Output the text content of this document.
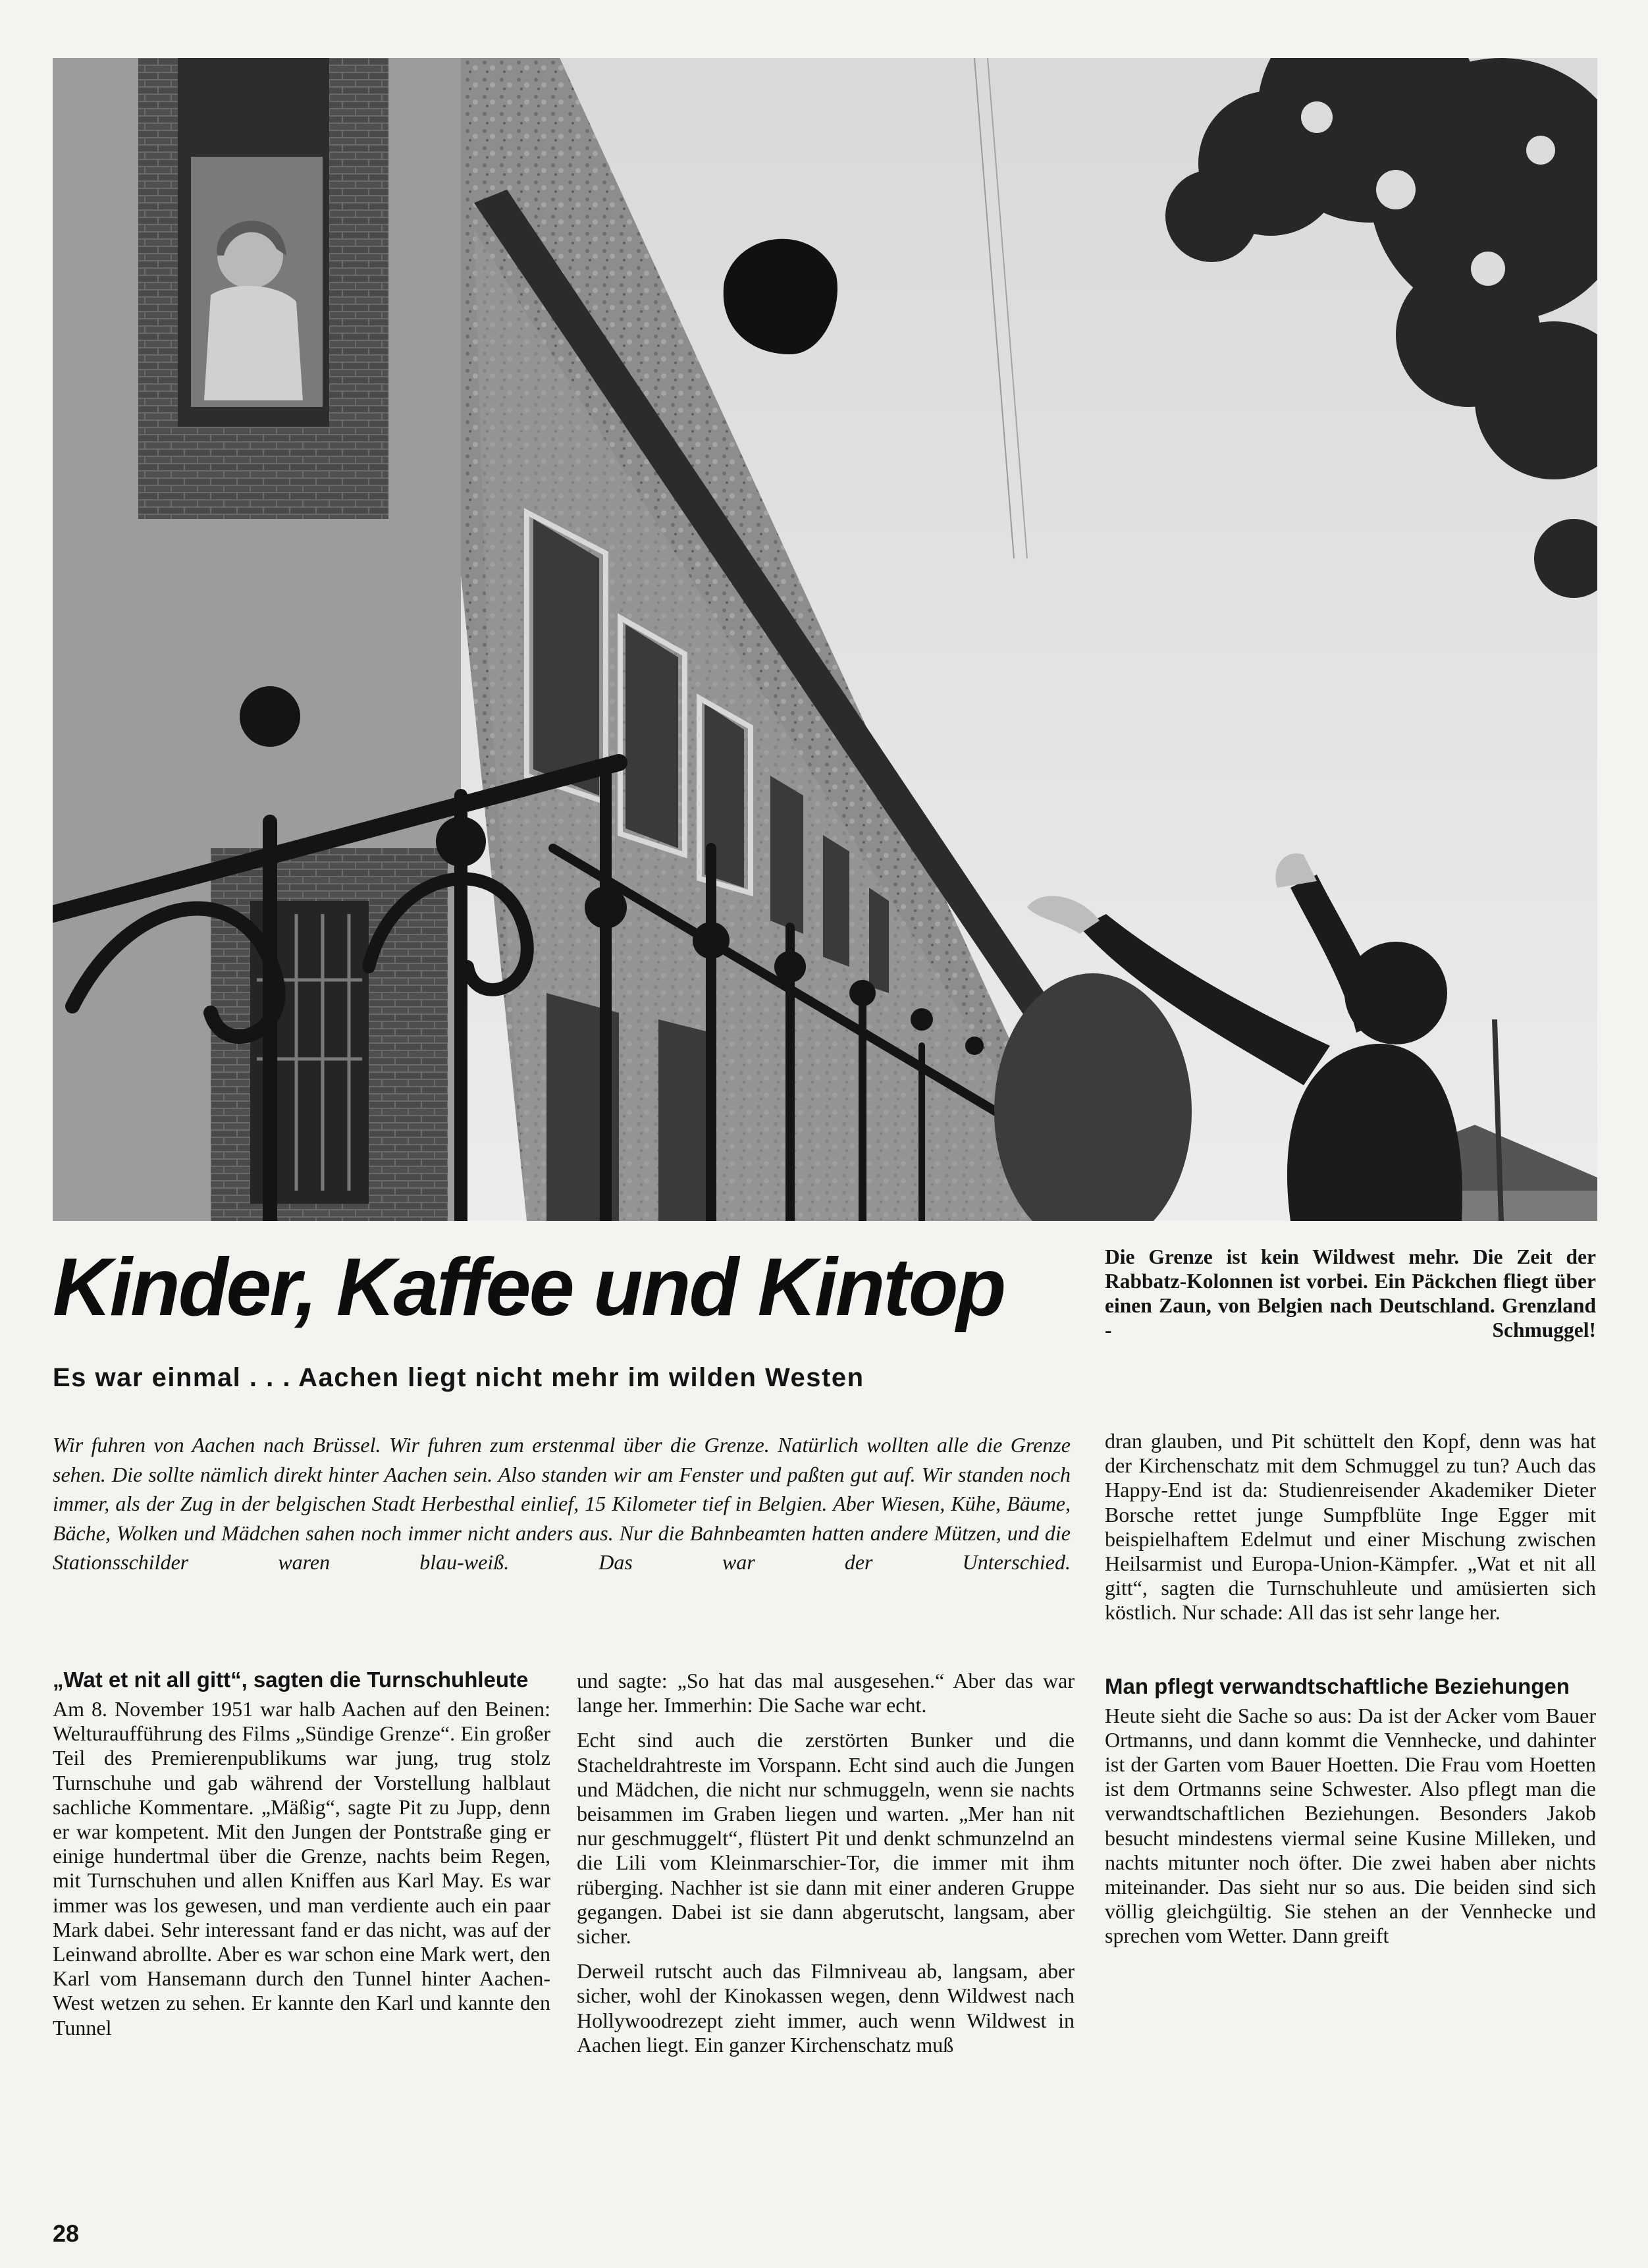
Kinder, Kaffee und Kintop	Die Grenze ist kein Wildwest mehr. Die Zeit der Rabbatz-Kolonnen ist vorbei. Ein Päckchen fliegt über einen Zaun, von Belgien nach Deutschland. Grenzland - Schmuggel!

Es war einmal . . . Aachen liegt nicht mehr im wilden Westen

Wir fuhren von Aachen nach Brüssel. Wir fuhren zum erstenmal über die Grenze. Natürlich wollten alle die Grenze sehen. Die sollte nämlich direkt hinter Aachen sein. Also standen wir am Fenster und paßten gut auf. Wir standen noch immer, als der Zug in der belgischen Stadt Herbesthal einlief, 15 Kilometer tief in Belgien. Aber Wiesen, Kühe, Bäume, Bäche, Wolken und Mädchen sahen noch immer nicht anders aus. Nur die Bahnbeamten hatten andere Mützen, und die Stationsschilder waren blau-weiß. Das war der Unterschied.

„Wat et nit all gitt“, sagten die Turnschuhleute

Am 8. November 1951 war halb Aachen auf den Beinen: Welturaufführung des Films „Sündige Grenze“. Ein großer Teil des Premierenpublikums war jung, trug stolz Turnschuhe und gab während der Vorstellung halblaut sachliche Kommentare. „Mäßig“, sagte Pit zu Jupp, denn er war kompetent. Mit den Jungen der Pontstraße ging er einige hundertmal über die Grenze, nachts beim Regen, mit Turnschuhen und allen Kniffen aus Karl May. Es war immer was los gewesen, und man verdiente auch ein paar Mark dabei. Sehr interessant fand er das nicht, was auf der Leinwand abrollte. Aber es war schon eine Mark wert, den Karl vom Hansemann durch den Tunnel hinter Aachen-West wetzen zu sehen. Er kannte den Karl und kannte den Tunnel

und sagte: „So hat das mal ausgesehen.“ Aber das war lange her. Immerhin: Die Sache war echt.

Echt sind auch die zerstörten Bunker und die Stacheldrahtreste im Vorspann. Echt sind auch die Jungen und Mädchen, die nicht nur schmuggeln, wenn sie nachts beisammen im Graben liegen und warten. „Mer han nit nur geschmuggelt“, flüstert Pit und denkt schmunzelnd an die Lili vom Kleinmarschier-Tor, die immer mit ihm rüberging. Nachher ist sie dann mit einer anderen Gruppe gegangen. Dabei ist sie dann abgerutscht, langsam, aber sicher.

Derweil rutscht auch das Filmniveau ab, langsam, aber sicher, wohl der Kinokassen wegen, denn Wildwest nach Hollywoodrezept zieht immer, auch wenn Wildwest in Aachen liegt. Ein ganzer Kirchenschatz muß

dran glauben, und Pit schüttelt den Kopf, denn was hat der Kirchenschatz mit dem Schmuggel zu tun? Auch das Happy-End ist da: Studienreisender Akademiker Dieter Borsche rettet junge Sumpfblüte Inge Egger mit beispielhaftem Edelmut und einer Mischung zwischen Heilsarmist und Europa-Union-Kämpfer. „Wat et nit all gitt“, sagten die Turnschuhleute und amüsierten sich köstlich. Nur schade: All das ist sehr lange her.

Man pflegt verwandtschaftliche Beziehungen

Heute sieht die Sache so aus: Da ist der Acker vom Bauer Ortmanns, und dann kommt die Vennhecke, und dahinter ist der Garten vom Bauer Hoetten. Die Frau vom Hoetten ist dem Ortmanns seine Schwester. Also pflegt man die verwandtschaftlichen Beziehungen. Besonders Jakob besucht mindestens viermal seine Kusine Milleken, und nachts mitunter noch öfter. Die zwei haben aber nichts miteinander. Das sieht nur so aus. Die beiden sind sich völlig gleichgültig. Sie stehen an der Vennhecke und sprechen vom Wetter. Dann greift

28
